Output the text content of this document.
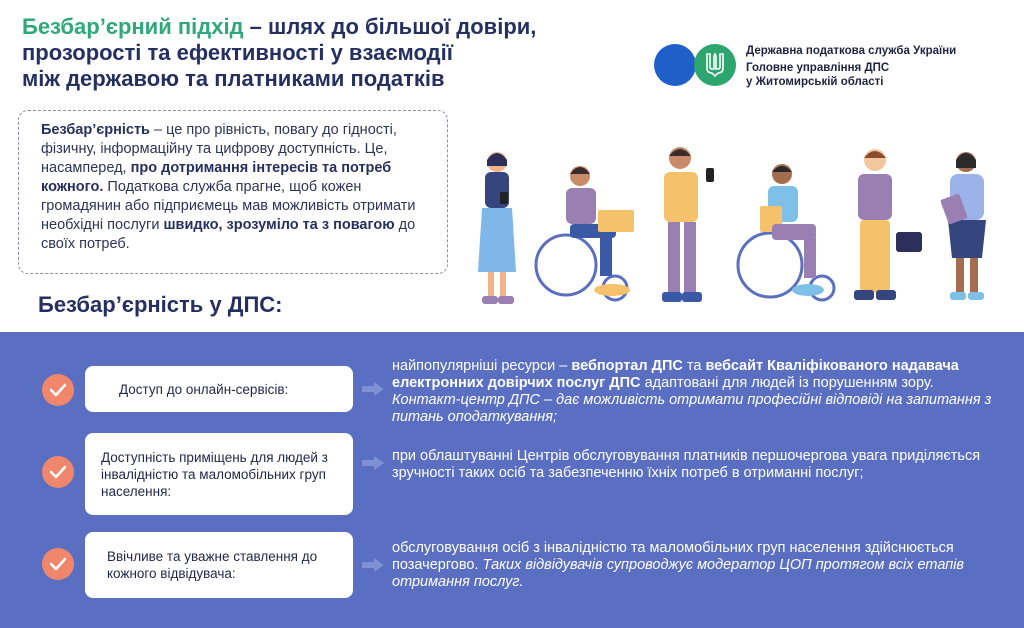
Безбар’єрний підхід – шлях до більшої довіри,
прозорості та ефективності у взаємодії
між державою та платниками податків
Державна податкова служба України
Головне управління ДПС
у Житомирській області
Безбар’єрність – це про рівність, повагу до гідності, фізичну, інформаційну та цифрову доступність. Це, насамперед, про дотримання інтересів та потреб кожного. Податкова служба прагне, щоб кожен громадянин або підприємець мав можливість отримати необхідні послуги швидко, зрозуміло та з повагою до своїх потреб.
Безбар’єрність у ДПС:
Доступ до онлайн-сервісів:
найпопулярніші ресурси – вебпортал ДПС та вебсайт Кваліфікованого надавача електронних довірчих послуг ДПС адаптовані для людей із порушенням зору. Контакт-центр ДПС – дає можливість отримати професійні відповіді на запитання з питань оподаткування;
Доступність приміщень для людей з інвалідністю та маломобільних груп населення:
при облаштуванні Центрів обслуговування платників першочергова увага приділяється зручності таких осіб та забезпеченню їхніх потреб в отриманні послуг;
Ввічливе та уважне ставлення до кожного відвідувача:
обслуговування осіб з інвалідністю та маломобільних груп населення здійснюється позачергово. Таких відвідувачів супроводжує модератор ЦОП протягом всіх етапів отримання послуг.
